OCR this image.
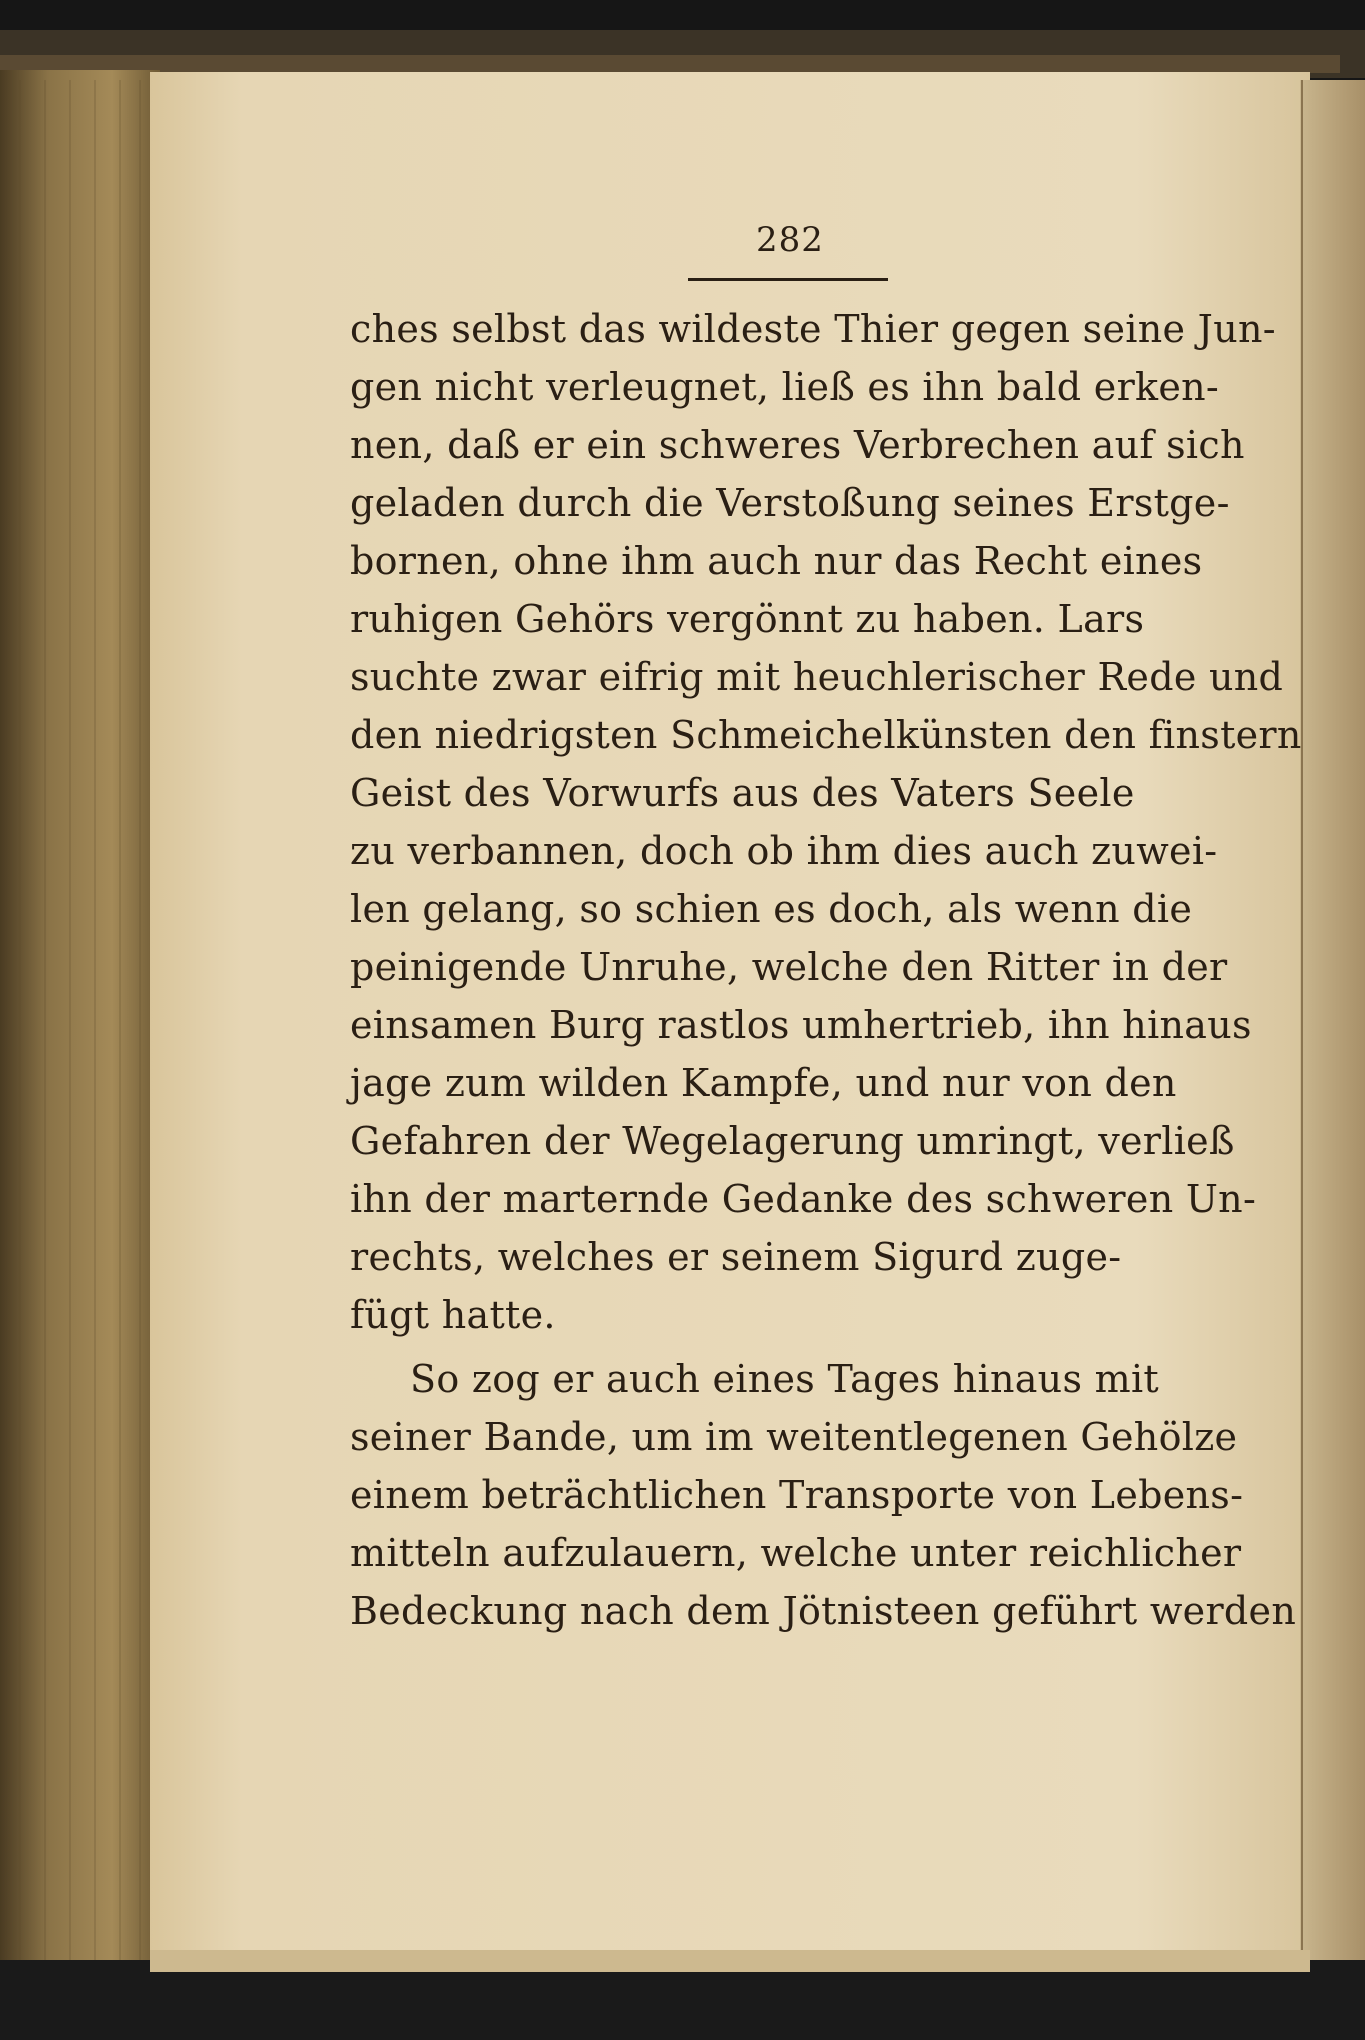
282
ches selbst das wildeste Thier gegen seine Jun-
gen nicht verleugnet, ließ es ihn bald erken-
nen, daß er ein schweres Verbrechen auf sich
geladen durch die Verstoßung seines Erstge-
bornen, ohne ihm auch nur das Recht eines
ruhigen Gehörs vergönnt zu haben. Lars
suchte zwar eifrig mit heuchlerischer Rede und
den niedrigsten Schmeichelkünsten den finstern
Geist des Vorwurfs aus des Vaters Seele
zu verbannen, doch ob ihm dies auch zuwei-
len gelang, so schien es doch, als wenn die
peinigende Unruhe, welche den Ritter in der
einsamen Burg rastlos umhertrieb, ihn hinaus
jage zum wilden Kampfe, und nur von den
Gefahren der Wegelagerung umringt, verließ
ihn der marternde Gedanke des schweren Un-
rechts, welches er seinem Sigurd zuge-
fügt hatte.
So zog er auch eines Tages hinaus mit
seiner Bande, um im weitentlegenen Gehölze
einem beträchtlichen Transporte von Lebens-
mitteln aufzulauern, welche unter reichlicher
Bedeckung nach dem Jötnisteen geführt werden
